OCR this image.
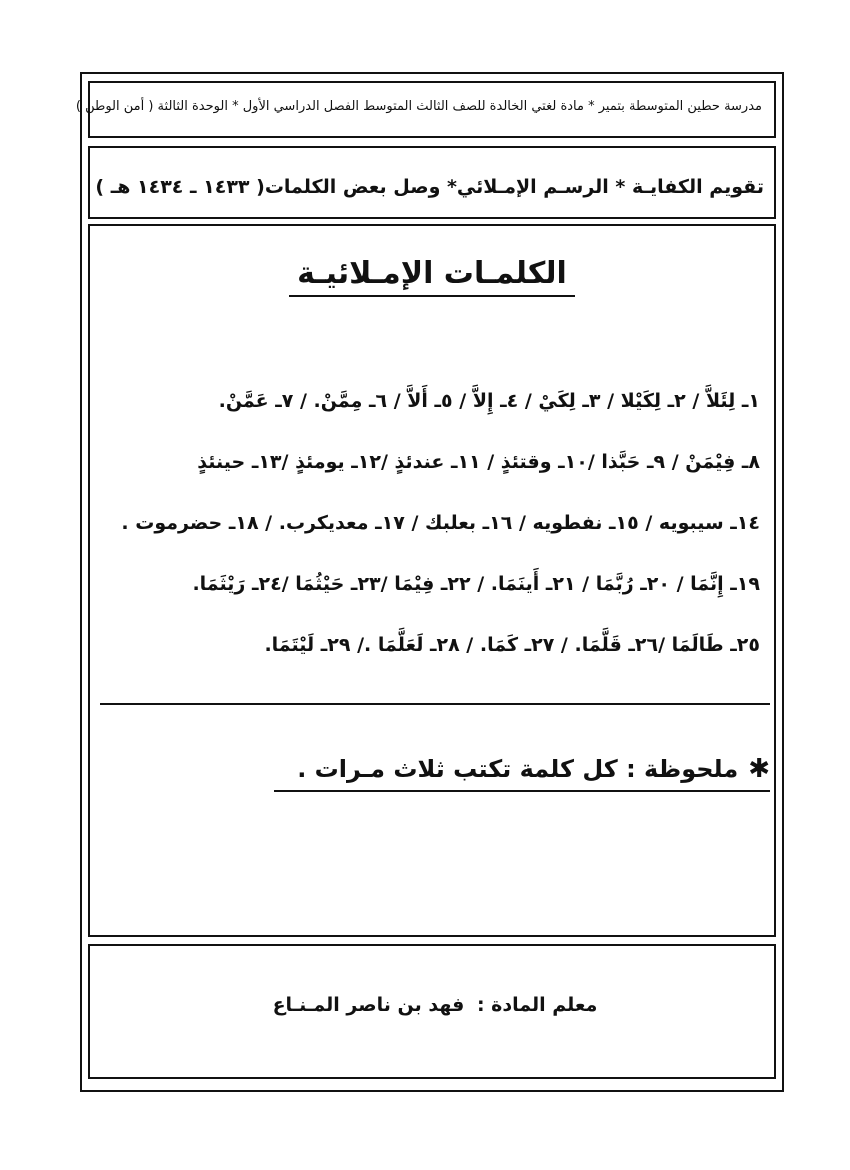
مدرسة حطين المتوسطة بتمير * مادة لغتي الخالدة للصف الثالث المتوسط الفصل الدراسي الأول * الوحدة الثالثة ( أمن الوطن )
تقويم الكفايـة * الرسـم الإمـلائي* وصل بعض الكلمات( ١٤٣٣ ـ ١٤٣٤ هـ )
الكلمـات الإمـلائيـة
١ـ لِئَلاَّ / ٢ـ لِكَيْلا / ٣ـ لِكَيْ / ٤ـ إِلاَّ / ٥ـ أَلاَّ / ٦ـ مِمَّنْ. / ٧ـ عَمَّنْ.
٨ـ فِيْمَنْ / ٩ـ حَبَّذا /١٠ـ وقتئذٍ / ١١ـ عندئذٍ /١٢ـ يومئذٍ /١٣ـ حينئذٍ
١٤ـ سيبويه / ١٥ـ نفطويه / ١٦ـ بعلبك / ١٧ـ معديكرب. / ١٨ـ حضرموت .
١٩ـ إِنَّمَا / ٢٠ـ رُبَّمَا / ٢١ـ أَينَمَا. / ٢٢ـ فِيْمَا /٢٣ـ حَيْثُمَا /٢٤ـ رَيْثَمَا.
٢٥ـ طَالَمَا /٢٦ـ قَلَّمَا. / ٢٧ـ كَمَا. / ٢٨ـ لَعَلَّمَا ./ ٢٩ـ لَيْتَمَا.
✱ملحوظة : كل كلمة تكتب ثلاث مـرات .
معلم المادة : فهد بن ناصر المـنـاع
